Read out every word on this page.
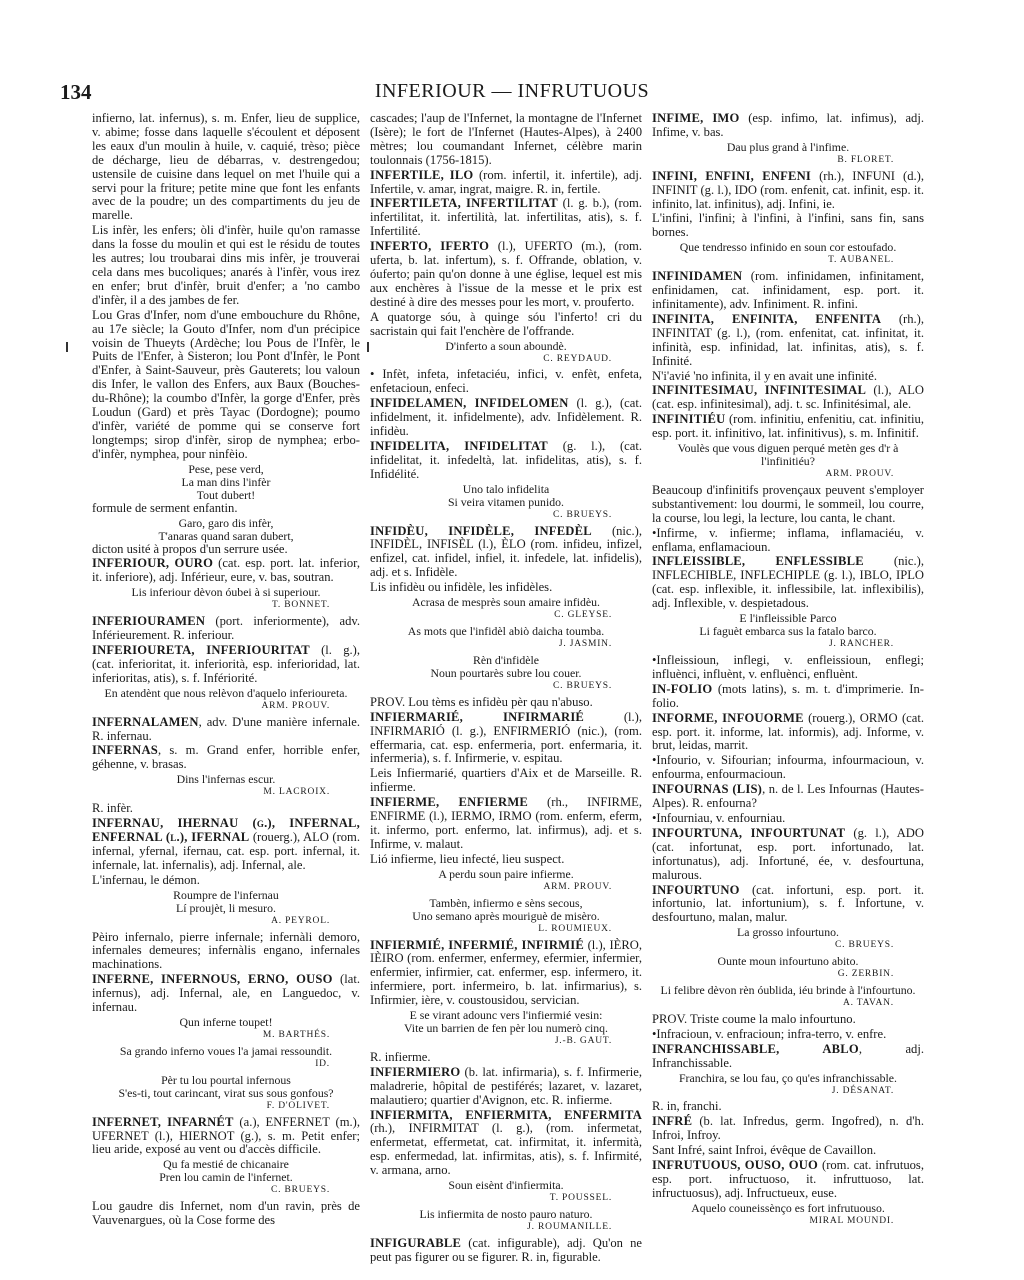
134	INFERIOUR — INFRUTUOUS
infierno, lat. infernus), s. m. Enfer, lieu de supplice, v. abime; fosse dans laquelle s'écoulent et déposent les eaux d'un moulin à huile, v. caquié, trèso; pièce de décharge, lieu de débarras, v. destrengedou; ustensile de cuisine dans lequel on met l'huile qui a servi pour la friture; petite mine que font les enfants avec de la poudre; un des compartiments du jeu de marelle.
Lis infèr, les enfers; òli d'infèr, huile qu'on ramasse dans la fosse du moulin et qui est le résidu de toutes les autres; lou troubarai dins mis infèr, je trouverai cela dans mes bucoliques; anarés à l'infèr, vous irez en enfer; brut d'infèr, bruit d'enfer; a 'no cambo d'infèr, il a des jambes de fer.
Lou Gras d'Infer, nom d'une embouchure du Rhône, au 17e siècle; la Gouto d'Infer, nom d'un précipice voisin de Thueyts (Ardèche; lou Pous de l'Infèr, le Puits de l'Enfer, à Sisteron; lou Pont d'Infèr, le Pont d'Enfer, à Saint-Sauveur, près Gauterets; lou valoun dis Infer, le vallon des Enfers, aux Baux (Bouches-du-Rhône); la coumbo d'Infèr, la gorge d'Enfer, près Loudun (Gard) et près Tayac (Dordogne); poumo d'infèr, variété de pomme qui se conserve fort longtemps; sirop d'infèr, sirop de nymphea; erbo-d'infèr, nymphea, pour ninfèio.
Pese, pese verd,
La man dins l'infèr
Tout dubert!
formule de serment enfantin.
Garo, garo dis infèr,
T'anaras quand saran dubert,
dicton usité à propos d'un serrure usée.
INFERIOUR, OURO (cat. esp. port. lat. inferior, it. inferiore), adj. Inférieur, eure, v. bas, soutran.
Lis inferiour dèvon óubei à si superiour.
T. BONNET.
INFERIOURAMEN (port. inferiormente), adv. Inférieurement. R. inferiour.
INFERIOURETA, INFERIOURITAT (l. g.), (cat. inferioritat, it. inferiorità, esp. inferioridad, lat. inferioritas, atis), s. f. Infériorité.
En atendènt que nous relèvon d'aquelo inferioureta.
ARM. PROUV.
INFERNALAMEN, adv. D'une manière infernale. R. infernau.
INFERNAS, s. m. Grand enfer, horrible enfer, géhenne, v. brasas.
Dins l'infernas escur.
M. LACROIX.
R. infèr.
INFERNAU, IHERNAU (g.), INFERNAL, ENFERNAL (l.), IFERNAL (rouerg.), ALO (rom. infernal, yfernal, ifernau, cat. esp. port. infernal, it. infernale, lat. infernalis), adj. Infernal, ale.
L'infernau, le démon.
Roumpre de l'infernau
Lí proujèt, li mesuro.
A. PEYROL.
Pèiro infernalo, pierre infernale; infernàli demoro, infernales demeures; infernàlis engano, infernales machinations.
INFERNE, INFERNOUS, ERNO, OUSO (lat. infernus), adj. Infernal, ale, en Languedoc, v. infernau.
Qun inferne toupet!
M. BARTHÉS.
Sa grando inferno voues l'a jamai ressoundit.
ID.
Pèr tu lou pourtal infernous
S'es-ti, tout carincant, virat sus sous gonfous?
F. D'OLIVET.
INFERNET, INFARNÉT (a.), ENFERNET (m.), UFERNET (l.), HIERNOT (g.), s. m. Petit enfer; lieu aride, exposé au vent ou d'accès difficile.
Qu fa mestié de chicanaire
Pren lou camin de l'infernet.
C. BRUEYS.
Lou gaudre dis Infernet, nom d'un ravin, près de Vauvenargues, où la Cose forme des
cascades; l'aup de l'Infernet, la montagne de l'Infernet (Isère); le fort de l'Infernet (Hautes-Alpes), à 2400 mètres; lou coumandant Infernet, célèbre marin toulonnais (1756-1815).
INFERTILE, ILO (rom. infertil, it. infertile), adj. Infertile, v. amar, ingrat, maigre. R. in, fertile.
INFERTILETA, INFERTILITAT (l. g. b.), (rom. infertilitat, it. infertilità, lat. infertilitas, atis), s. f. Infertilité.
INFERTO, IFERTO (l.), UFERTO (m.), (rom. uferta, b. lat. infertum), s. f. Offrande, oblation, v. óuferto; pain qu'on donne à une église, lequel est mis aux enchères à l'issue de la messe et le prix est destiné à dire des messes pour les mort, v. prouferto.
A quatorge sóu, à quinge sóu l'inferto! cri du sacristain qui fait l'enchère de l'offrande.
D'inferto a soun aboundè.
C. REYDAUD.
• Infèt, infeta, infetaciéu, infici, v. enfèt, enfeta, enfetacioun, enfeci.
INFIDELAMEN, INFIDELOMEN (l. g.), (cat. infidelment, it. infidelmente), adv. Infidèlement. R. infidèu.
INFIDELITA, INFIDELITAT (g. l.), (cat. infidelitat, it. infedeltà, lat. infidelitas, atis), s. f. Infidélité.
Uno talo infidelita
Si veira vitamen punido.
C. BRUEYS.
INFIDÈU, INFIDÈLE, INFEDÈL (nic.), INFIDÈL, INFISÈL (l.), ÈLO (rom. infideu, infizel, enfizel, cat. infidel, infiel, it. infedele, lat. infidelis), adj. et s. Infidèle.
Lis infidèu ou infidèle, les infidèles.
Acrasa de mesprès soun amaire infidèu.
C. GLEYSE.
As mots que l'infidèl abiò daicha toumba.
J. JASMIN.
Rèn d'infidèle
Noun pourtarès subre lou couer.
C. BRUEYS.
PROV. Lou tèms es infidèu pèr qau n'abuso.
INFIERMARIÉ, INFIRMARIÉ (l.), INFIRMARIÓ (l. g.), ENFIRMERIÓ (nic.), (rom. effermaria, cat. esp. enfermeria, port. enfermaria, it. infermeria), s. f. Infirmerie, v. espitau.
Leis Infiermarié, quartiers d'Aix et de Marseille. R. infierme.
INFIERME, ENFIERME (rh., INFIRME, ENFIRME (l.), IERMO, IRMO (rom. enferm, eferm, it. infermo, port. enfermo, lat. infirmus), adj. et s. Infirme, v. malaut.
Lió infierme, lieu infecté, lieu suspect.
A perdu soun paire infierme.
ARM. PROUV.
Tambèn, infiermo e sèns secous,
Uno semano après mouriguè de misèro.
L. ROUMIEUX.
INFIERMIÉ, INFERMIÉ, INFIRMIÉ (l.), IÈRO, IÈIRO (rom. enfermer, enfermey, efermier, infermier, enfermier, infirmier, cat. enfermer, esp. infermero, it. infermiere, port. infermeiro, b. lat. infirmarius), s. Infirmier, ière, v. coustousidou, servician.
E se virant adounc vers l'infiermié vesin:
Vite un barrien de fen pèr lou numerò cinq.
J.-B. GAUT.
R. infierme.
INFIERMIERO (b. lat. infirmaria), s. f. Infirmerie, maladrerie, hôpital de pestiférés; lazaret, v. lazaret, malautiero; quartier d'Avignon, etc. R. infierme.
INFIERMITA, ENFIERMITA, ENFERMITA (rh.), INFIRMITAT (l. g.), (rom. infermetat, enfermetat, effermetat, cat. infirmitat, it. infermità, esp. enfermedad, lat. infirmitas, atis), s. f. Infirmité, v. armana, arno.
Soun eisènt d'infiermita.
T. POUSSEL.
Lis infiermita de nosto pauro naturo.
J. ROUMANILLE.
INFIGURABLE (cat. infigurable), adj. Qu'on ne peut pas figurer ou se figurer. R. in, figurable.
INFIME, IMO (esp. infimo, lat. infimus), adj. Infime, v. bas.
Dau plus grand à l'infime.
B. FLORET.
INFINI, ENFINI, ENFENI (rh.), INFUNI (d.), INFINIT (g. l.), IDO (rom. enfenit, cat. infinit, esp. it. infinito, lat. infinitus), adj. Infini, ie.
L'infini, l'infini; à l'infini, à l'infini, sans fin, sans bornes.
Que tendresso infinido en soun cor estoufado.
T. AUBANEL.
INFINIDAMEN (rom. infinidamen, infinitament, enfinidamen, cat. infinidament, esp. port. it. infinitamente), adv. Infiniment. R. infini.
INFINITA, ENFINITA, ENFENITA (rh.), INFINITAT (g. l.), (rom. enfenitat, cat. infinitat, it. infinità, esp. infinidad, lat. infinitas, atis), s. f. Infinité.
N'i'avié 'no infinita, il y en avait une infinité.
INFINITESIMAU, INFINITESIMAL (l.), ALO (cat. esp. infinitesimal), adj. t. sc. Infinitésimal, ale.
INFINITIÉU (rom. infinitiu, enfenitiu, cat. infinitiu, esp. port. it. infinitivo, lat. infinitivus), s. m. Infinitif.
Voulès que vous diguen perqué metèn ges d'r à l'infinitiéu?
ARM. PROUV.
Beaucoup d'infinitifs provençaux peuvent s'employer substantivement: lou dourmi, le sommeil, lou courre, la course, lou legi, la lecture, lou canta, le chant.
•Infirme, v. infierme; inflama, inflamaciéu, v. enflama, enflamacioun.
INFLEISSIBLE, ENFLESSIBLE (nic.), INFLECHIBLE, INFLECHIPLE (g. l.), IBLO, IPLO (cat. esp. inflexible, it. inflessibile, lat. inflexibilis), adj. Inflexible, v. despietadous.
E l'infleissible Parco
Li faguèt embarca sus la fatalo barco.
J. RANCHER.
•Infleissioun, inflegi, v. enfleissioun, enflegi; influènci, influènt, v. enfluènci, enfluènt.
IN-FOLIO (mots latins), s. m. t. d'imprimerie. In-folio.
INFORME, INFOUORME (rouerg.), ORMO (cat. esp. port. it. informe, lat. informis), adj. Informe, v. brut, leidas, marrit.
•Infourio, v. Sifourian; infourma, infourmacioun, v. enfourma, enfourmacioun.
INFOURNAS (LIS), n. de l. Les Infournas (Hautes-Alpes). R. enfourna?
•Infourniau, v. enfourniau.
INFOURTUNA, INFOURTUNAT (g. l.), ADO (cat. infortunat, esp. port. infortunado, lat. infortunatus), adj. Infortuné, ée, v. desfourtuna, malurous.
INFOURTUNO (cat. infortuni, esp. port. it. infortunio, lat. infortunium), s. f. Infortune, v. desfourtuno, malan, malur.
La grosso infourtuno.
C. BRUEYS.
Ounte moun infourtuno abito.
G. ZERBIN.
Li felibre dèvon rèn óublida, iéu brinde à l'infourtuno.
A. TAVAN.
PROV. Triste coume la malo infourtuno.
•Infracioun, v. enfracioun; infra-terro, v. enfre.
INFRANCHISSABLE, ABLO, adj. Infranchissable.
Franchira, se lou fau, ço qu'es infranchissable.
J. DÉSANAT.
R. in, franchi.
INFRÉ (b. lat. Infredus, germ. Ingofred), n. d'h. Infroi, Infroy.
Sant Infré, saint Infroi, évêque de Cavaillon.
INFRUTUOUS, OUSO, OUO (rom. cat. infrutuos, esp. port. infructuoso, it. infruttuoso, lat. infructuosus), adj. Infructueux, euse.
Aquelo couneissènço es fort infrutuouso.
MIRAL MOUNDI.
